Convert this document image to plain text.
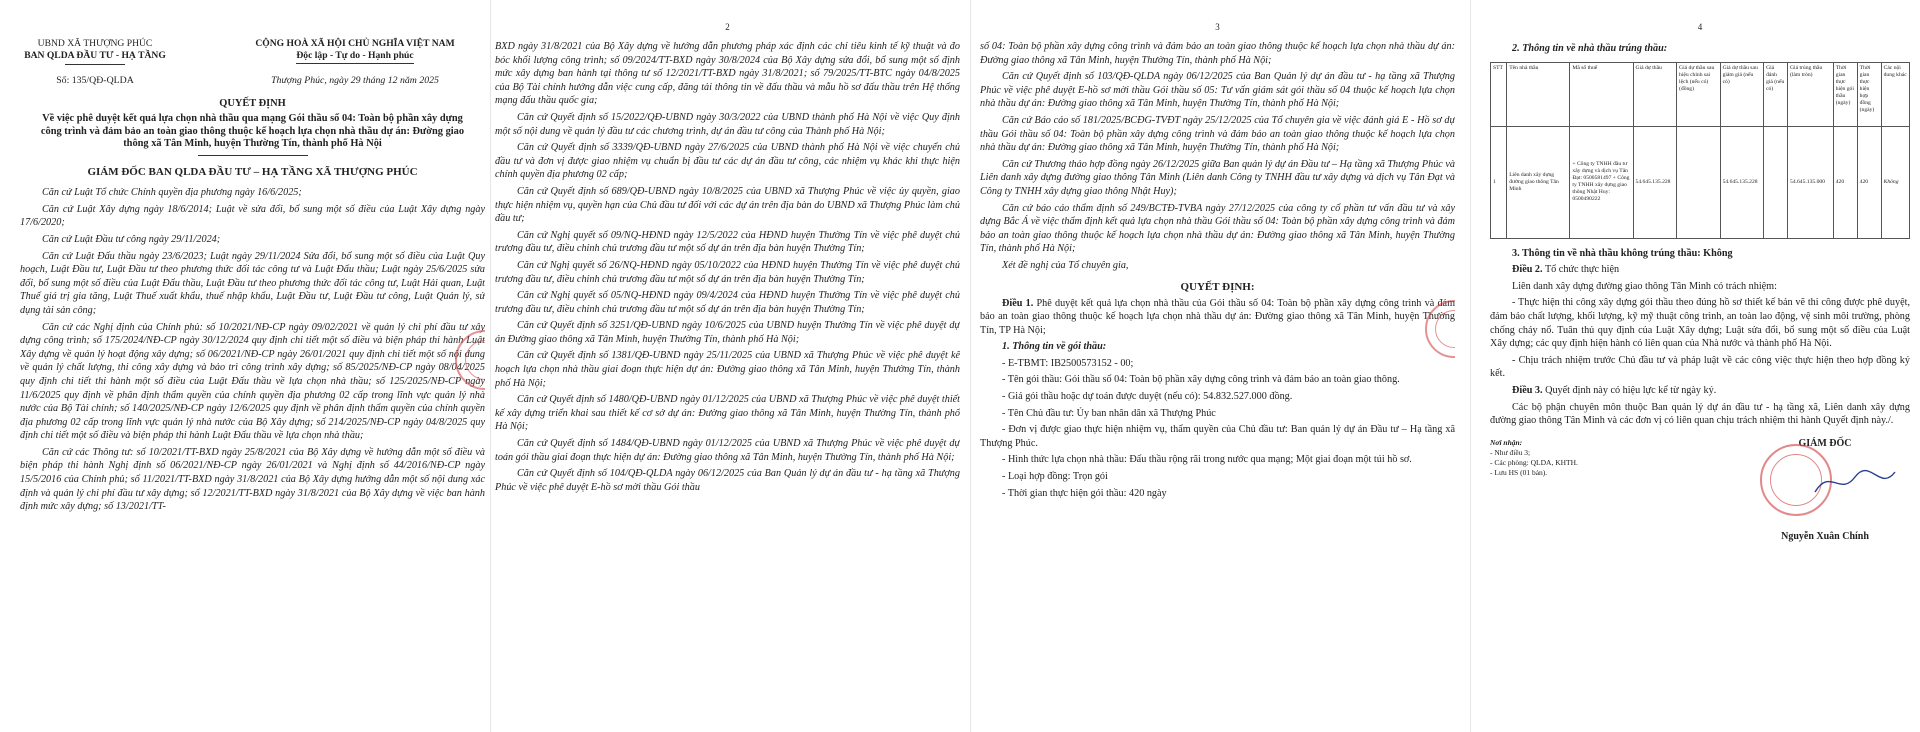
UBND XÃ THƯỢNG PHÚC
BAN QLDA ĐẦU TƯ - HẠ TẦNG
CỘNG HOÀ XÃ HỘI CHỦ NGHĨA VIỆT NAM
Độc lập - Tự do - Hạnh phúc
Số: 135/QĐ-QLDA	Thượng Phúc, ngày 29 tháng 12 năm 2025
QUYẾT ĐỊNH
Về việc phê duyệt kết quả lựa chọn nhà thầu qua mạng Gói thầu số 04: Toàn bộ phần xây dựng công trình và đảm bảo an toàn giao thông thuộc kế hoạch lựa chọn nhà thầu dự án: Đường giao thông xã Tân Minh, huyện Thường Tín, thành phố Hà Nội
GIÁM ĐỐC BAN QLDA ĐẦU TƯ – HẠ TẦNG XÃ THƯỢNG PHÚC

Căn cứ Luật Tổ chức Chính quyền địa phương ngày 16/6/2025;

Căn cứ Luật Xây dựng ngày 18/6/2014; Luật về sửa đổi, bổ sung một số điều của Luật Xây dựng ngày 17/6/2020;

Căn cứ Luật Đầu tư công ngày 29/11/2024;

Căn cứ Luật Đấu thầu ngày 23/6/2023; Luật ngày 29/11/2024 Sửa đổi, bổ sung một số điều của Luật Quy hoạch, Luật Đầu tư, Luật Đầu tư theo phương thức đối tác công tư và Luật Đấu thầu; Luật ngày 25/6/2025 sửa đổi, bổ sung một số điều của Luật Đấu thầu, Luật Đầu tư theo phương thức đối tác công tư, Luật Hải quan, Luật Thuế giá trị gia tăng, Luật Thuế xuất khẩu, thuế nhập khẩu, Luật Đầu tư, Luật Đầu tư công, Luật Quản lý, sử dụng tài sản công;

Căn cứ các Nghị định của Chính phủ: số 10/2021/NĐ-CP ngày 09/02/2021 về quản lý chi phí đầu tư xây dựng công trình; số 175/2024/NĐ-CP ngày 30/12/2024 quy định chi tiết một số điều và biện pháp thi hành Luật Xây dựng về quản lý hoạt động xây dựng; số 06/2021/NĐ-CP ngày 26/01/2021 quy định chi tiết một số nội dung về quản lý chất lượng, thi công xây dựng và bảo trì công trình xây dựng; số 85/2025/NĐ-CP ngày 08/04/2025 quy định chi tiết thi hành một số điều của Luật Đấu thầu về lựa chọn nhà thầu; số 125/2025/NĐ-CP ngày 11/6/2025 quy định về phân định thẩm quyền của chính quyền địa phương 02 cấp trong lĩnh vực quản lý nhà nước của Bộ Tài chính; số 140/2025/NĐ-CP ngày 12/6/2025 quy định về phân định thẩm quyền của chính quyền địa phương 02 cấp trong lĩnh vực quản lý nhà nước của Bộ Xây dựng; số 214/2025/NĐ-CP ngày 04/8/2025 quy định chi tiết một số điều và biện pháp thi hành Luật Đấu thầu về lựa chọn nhà thầu;

Căn cứ các Thông tư: số 10/2021/TT-BXD ngày 25/8/2021 của Bộ Xây dựng về hướng dẫn một số điều và biện pháp thi hành Nghị định số 06/2021/NĐ-CP ngày 26/01/2021 và Nghị định số 44/2016/NĐ-CP ngày 15/5/2016 của Chính phủ; số 11/2021/TT-BXD ngày 31/8/2021 của Bộ Xây dựng hướng dẫn một số nội dung xác định và quản lý chi phí đầu tư xây dựng; số 12/2021/TT-BXD ngày 31/8/2021 của Bộ Xây dựng về việc ban hành định mức xây dựng; số 13/2021/TT-

2

BXD ngày 31/8/2021 của Bộ Xây dựng về hướng dẫn phương pháp xác định các chỉ tiêu kinh tế kỹ thuật và đo bóc khối lượng công trình; số 09/2024/TT-BXD ngày 30/8/2024 của Bộ Xây dựng sửa đổi, bổ sung một số định mức xây dựng ban hành tại thông tư số 12/2021/TT-BXD ngày 31/8/2021; số 79/2025/TT-BTC ngày 04/8/2025 của Bộ Tài chính hướng dẫn việc cung cấp, đăng tải thông tin về đấu thầu và mẫu hồ sơ đấu thầu trên Hệ thống mạng đấu thầu quốc gia;

Căn cứ Quyết định số 15/2022/QĐ-UBND ngày 30/3/2022 của UBND thành phố Hà Nội về việc Quy định một số nội dung về quản lý đầu tư các chương trình, dự án đầu tư công của Thành phố Hà Nội;

Căn cứ Quyết định số 3339/QĐ-UBND ngày 27/6/2025 của UBND thành phố Hà Nội về việc chuyển chủ đầu tư và đơn vị được giao nhiệm vụ chuẩn bị đầu tư các dự án đầu tư công, các nhiệm vụ khác khi thực hiện chính quyền địa phương 02 cấp;

Căn cứ Quyết định số 689/QĐ-UBND ngày 10/8/2025 của UBND xã Thượng Phúc về việc ủy quyền, giao thực hiện nhiệm vụ, quyền hạn của Chủ đầu tư đối với các dự án trên địa bàn do UBND xã Thượng Phúc làm chủ đầu tư;

Căn cứ Nghị quyết số 09/NQ-HĐND ngày 12/5/2022 của HĐND huyện Thường Tín về việc phê duyệt chủ trương đầu tư, điều chỉnh chủ trương đầu tư một số dự án trên địa bàn huyện Thường Tín;

Căn cứ Nghị quyết số 26/NQ-HĐND ngày 05/10/2022 của HĐND huyện Thường Tín về việc phê duyệt chủ trương đầu tư, điều chỉnh chủ trương đầu tư một số dự án trên địa bàn huyện Thường Tín;

Căn cứ Nghị quyết số 05/NQ-HĐND ngày 09/4/2024 của HĐND huyện Thường Tín về việc phê duyệt chủ trương đầu tư, điều chỉnh chủ trương đầu tư một số dự án trên địa bàn huyện Thường Tín;

Căn cứ Quyết định số 3251/QĐ-UBND ngày 10/6/2025 của UBND huyện Thường Tín về việc phê duyệt dự án Đường giao thông xã Tân Minh, huyện Thường Tín, thành phố Hà Nội;

Căn cứ Quyết định số 1381/QĐ-UBND ngày 25/11/2025 của UBND xã Thượng Phúc về việc phê duyệt kế hoạch lựa chọn nhà thầu giai đoạn thực hiện dự án: Đường giao thông xã Tân Minh, huyện Thường Tín, thành phố Hà Nội;

Căn cứ Quyết định số 1480/QĐ-UBND ngày 01/12/2025 của UBND xã Thượng Phúc về việc phê duyệt thiết kế xây dựng triển khai sau thiết kế cơ sở dự án: Đường giao thông xã Tân Minh, huyện Thường Tín, thành phố Hà Nội;

Căn cứ Quyết định số 1484/QĐ-UBND ngày 01/12/2025 của UBND xã Thượng Phúc về việc phê duyệt dự toán gói thầu giai đoạn thực hiện dự án: Đường giao thông xã Tân Minh, huyện Thường Tín, thành phố Hà Nội;

Căn cứ Quyết định số 104/QĐ-QLDA ngày 06/12/2025 của Ban Quản lý dự án đầu tư - hạ tầng xã Thượng Phúc về việc phê duyệt E-hồ sơ mời thầu Gói thầu

3

số 04: Toàn bộ phần xây dựng công trình và đảm bảo an toàn giao thông thuộc kế hoạch lựa chọn nhà thầu dự án: Đường giao thông xã Tân Minh, huyện Thường Tín, thành phố Hà Nội;

Căn cứ Quyết định số 103/QĐ-QLDA ngày 06/12/2025 của Ban Quản lý dự án đầu tư - hạ tầng xã Thượng Phúc về việc phê duyệt E-hồ sơ mời thầu Gói thầu số 05: Tư vấn giám sát gói thầu số 04 thuộc kế hoạch lựa chọn nhà thầu dự án: Đường giao thông xã Tân Minh, huyện Thường Tín, thành phố Hà Nội;

Căn cứ Báo cáo số 181/2025/BCĐG-TVĐT ngày 25/12/2025 của Tổ chuyên gia về việc đánh giá E - Hồ sơ dự thầu Gói thầu số 04: Toàn bộ phần xây dựng công trình và đảm bảo an toàn giao thông thuộc kế hoạch lựa chọn nhà thầu dự án: Đường giao thông xã Tân Minh, huyện Thường Tín, thành phố Hà Nội;

Căn cứ Thương thảo hợp đồng ngày 26/12/2025 giữa Ban quản lý dự án Đầu tư – Hạ tầng xã Thượng Phúc và Liên danh xây dựng đường giao thông Tân Minh (Liên danh Công ty TNHH đầu tư xây dựng và dịch vụ Tân Đạt và Công ty TNHH xây dựng giao thông Nhật Huy);

Căn cứ báo cáo thẩm định số 249/BCTĐ-TVBA ngày 27/12/2025 của công ty cổ phần tư vấn đầu tư và xây dựng Bắc Á về việc thẩm định kết quả lựa chọn nhà thầu Gói thầu số 04: Toàn bộ phần xây dựng công trình và đảm bảo an toàn giao thông thuộc kế hoạch lựa chọn nhà thầu dự án: Đường giao thông xã Tân Minh, huyện Thường Tín, thành phố Hà Nội;

Xét đề nghị của Tổ chuyên gia,

QUYẾT ĐỊNH:

Điều 1. Phê duyệt kết quả lựa chọn nhà thầu của Gói thầu số 04: Toàn bộ phần xây dựng công trình và đảm bảo an toàn giao thông thuộc kế hoạch lựa chọn nhà thầu dự án: Đường giao thông xã Tân Minh, huyện Thường Tín, TP Hà Nội;

1. Thông tin về gói thầu:

- E-TBMT: IB2500573152 - 00;

- Tên gói thầu: Gói thầu số 04: Toàn bộ phần xây dựng công trình và đảm bảo an toàn giao thông.

- Giá gói thầu hoặc dự toán được duyệt (nếu có): 54.832.527.000 đồng.

- Tên Chủ đầu tư: Ủy ban nhân dân xã Thượng Phúc

- Đơn vị được giao thực hiện nhiệm vụ, thẩm quyền của Chủ đầu tư: Ban quản lý dự án Đầu tư – Hạ tầng xã Thượng Phúc.

- Hình thức lựa chọn nhà thầu: Đấu thầu rộng rãi trong nước qua mạng; Một giai đoạn một túi hồ sơ.

- Loại hợp đồng: Trọn gói

- Thời gian thực hiện gói thầu: 420 ngày

4

2. Thông tin về nhà thầu trúng thầu:

STT	Tên nhà thầu	Mã số thuế	Giá dự thầu	Giá dự thầu sau hiệu chỉnh sai lệch (nếu có) (đồng)	Giá dự thầu sau giảm giá (nếu có)	Giá đánh giá (nếu có)	Giá trúng thầu (làm tròn)	Thời gian thực hiện gói thầu (ngày)	Thời gian thực hiện hợp đồng (ngày)	Các nội dung khác
1	Liên danh xây dựng đường giao thông Tân Minh	+ Công ty TNHH đầu tư xây dựng và dịch vụ Tân Đạt: 0500581497 + Công ty TNHH xây dựng giao thông Nhật Huy: 0500490222	54.645.135.228		54.645.135.228		54.645.135.000	420	420	Không

3. Thông tin về nhà thầu không trúng thầu: Không

Điều 2. Tổ chức thực hiện

Liên danh xây dựng đường giao thông Tân Minh có trách nhiệm:

- Thực hiện thi công xây dựng gói thầu theo đúng hồ sơ thiết kế bản vẽ thi công được phê duyệt, đảm bảo chất lượng, khối lượng, kỹ mỹ thuật công trình, an toàn lao động, vệ sinh môi trường, phòng chống cháy nổ. Tuân thủ quy định của Luật Xây dựng; Luật sửa đổi, bổ sung một số điều của Luật Xây dựng; các quy định hiện hành có liên quan của Nhà nước và thành phố Hà Nội.

- Chịu trách nhiệm trước Chủ đầu tư và pháp luật về các công việc thực hiện theo hợp đồng ký kết.

Điều 3. Quyết định này có hiệu lực kể từ ngày ký.

Các bộ phận chuyên môn thuộc Ban quản lý dự án đầu tư - hạ tầng xã, Liên danh xây dựng đường giao thông Tân Minh và các đơn vị có liên quan chịu trách nhiệm thi hành Quyết định này./.

Nơi nhận:
- Như điều 3;
- Các phòng: QLDA, KHTH.
- Lưu HS (01 bản).
GIÁM ĐỐC
Nguyễn Xuân Chính
